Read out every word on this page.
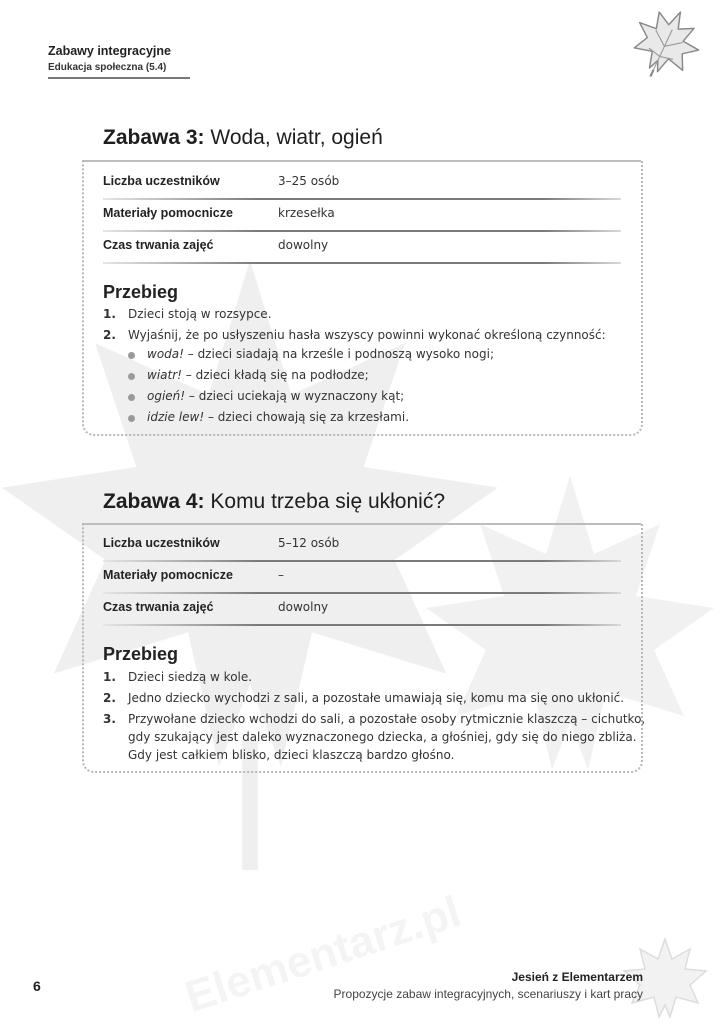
Zabawy integracyjne
Edukacja społeczna (5.4)
Zabawa 3: Woda, wiatr, ogień
Liczba uczestników	3–25 osób
Materiały pomocnicze	krzesełka
Czas trwania zajęć	dowolny
Przebieg
1. Dzieci stoją w rozsypce.
2. Wyjaśnij, że po usłyszeniu hasła wszyscy powinni wykonać określoną czynność:
woda! – dzieci siadają na krześle i podnoszą wysoko nogi;
wiatr! – dzieci kładą się na podłodze;
ogień! – dzieci uciekają w wyznaczony kąt;
idzie lew! – dzieci chowają się za krzesłami.
Zabawa 4: Komu trzeba się ukłonić?
Liczba uczestników	5–12 osób
Materiały pomocnicze	–
Czas trwania zajęć	dowolny
Przebieg
1. Dzieci siedzą w kole.
2. Jedno dziecko wychodzi z sali, a pozostałe umawiają się, komu ma się ono ukłonić.
3. Przywołane dziecko wchodzi do sali, a pozostałe osoby rytmicznie klaszczą – cichutko,
gdy szukający jest daleko wyznaczonego dziecka, a głośniej, gdy się do niego zbliża.
Gdy jest całkiem blisko, dzieci klaszczą bardzo głośno.
6
Jesień z Elementarzem
Propozycje zabaw integracyjnych, scenariuszy i kart pracy
